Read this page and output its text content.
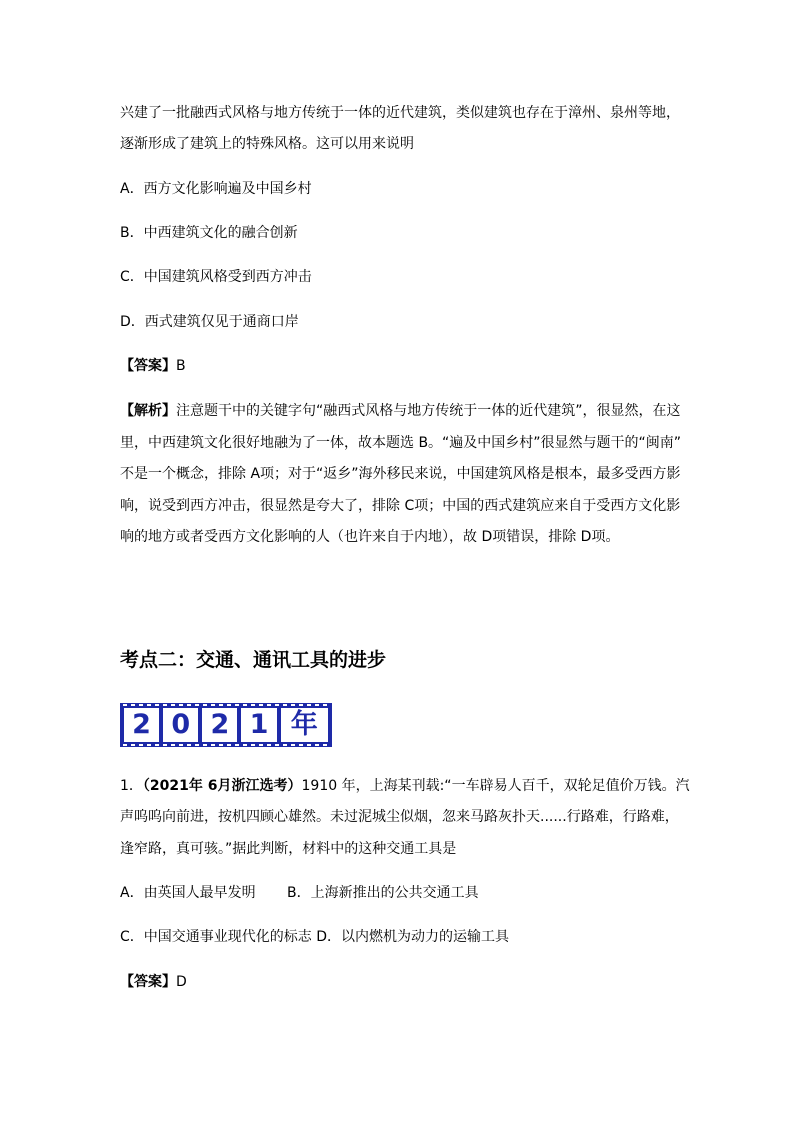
兴建了一批融西式风格与地方传统于一体的近代建筑，类似建筑也存在于漳州、泉州等地，
逐渐形成了建筑上的特殊风格。这可以用来说明
A．西方文化影响遍及中国乡村
B．中西建筑文化的融合创新
C．中国建筑风格受到西方冲击
D．西式建筑仅见于通商口岸
【答案】B
【解析】注意题干中的关键字句“融西式风格与地方传统于一体的近代建筑”，很显然，在这
里，中西建筑文化很好地融为了一体，故本题选 B。“遍及中国乡村”很显然与题干的“闽南”
不是一个概念，排除 A项；对于“返乡”海外移民来说，中国建筑风格是根本，最多受西方影
响，说受到西方冲击，很显然是夸大了，排除 C项；中国的西式建筑应来自于受西方文化影
响的地方或者受西方文化影响的人（也许来自于内地），故 D项错误，排除 D项。
考点二：交通、通讯工具的进步
2 0 2 1 年
1．（2021年 6月浙江选考）1910 年，上海某刊载:“一车辟易人百千，双轮足值价万钱。汽
声呜呜向前进，按机四顾心雄然。未过泥城尘似烟，忽来马路灰扑天......行路难，行路难，
逢窄路，真可骇。”据此判断，材料中的这种交通工具是
A．由英国人最早发明 B．上海新推出的公共交通工具
C．中国交通事业现代化的标志 D．以内燃机为动力的运输工具
【答案】D
